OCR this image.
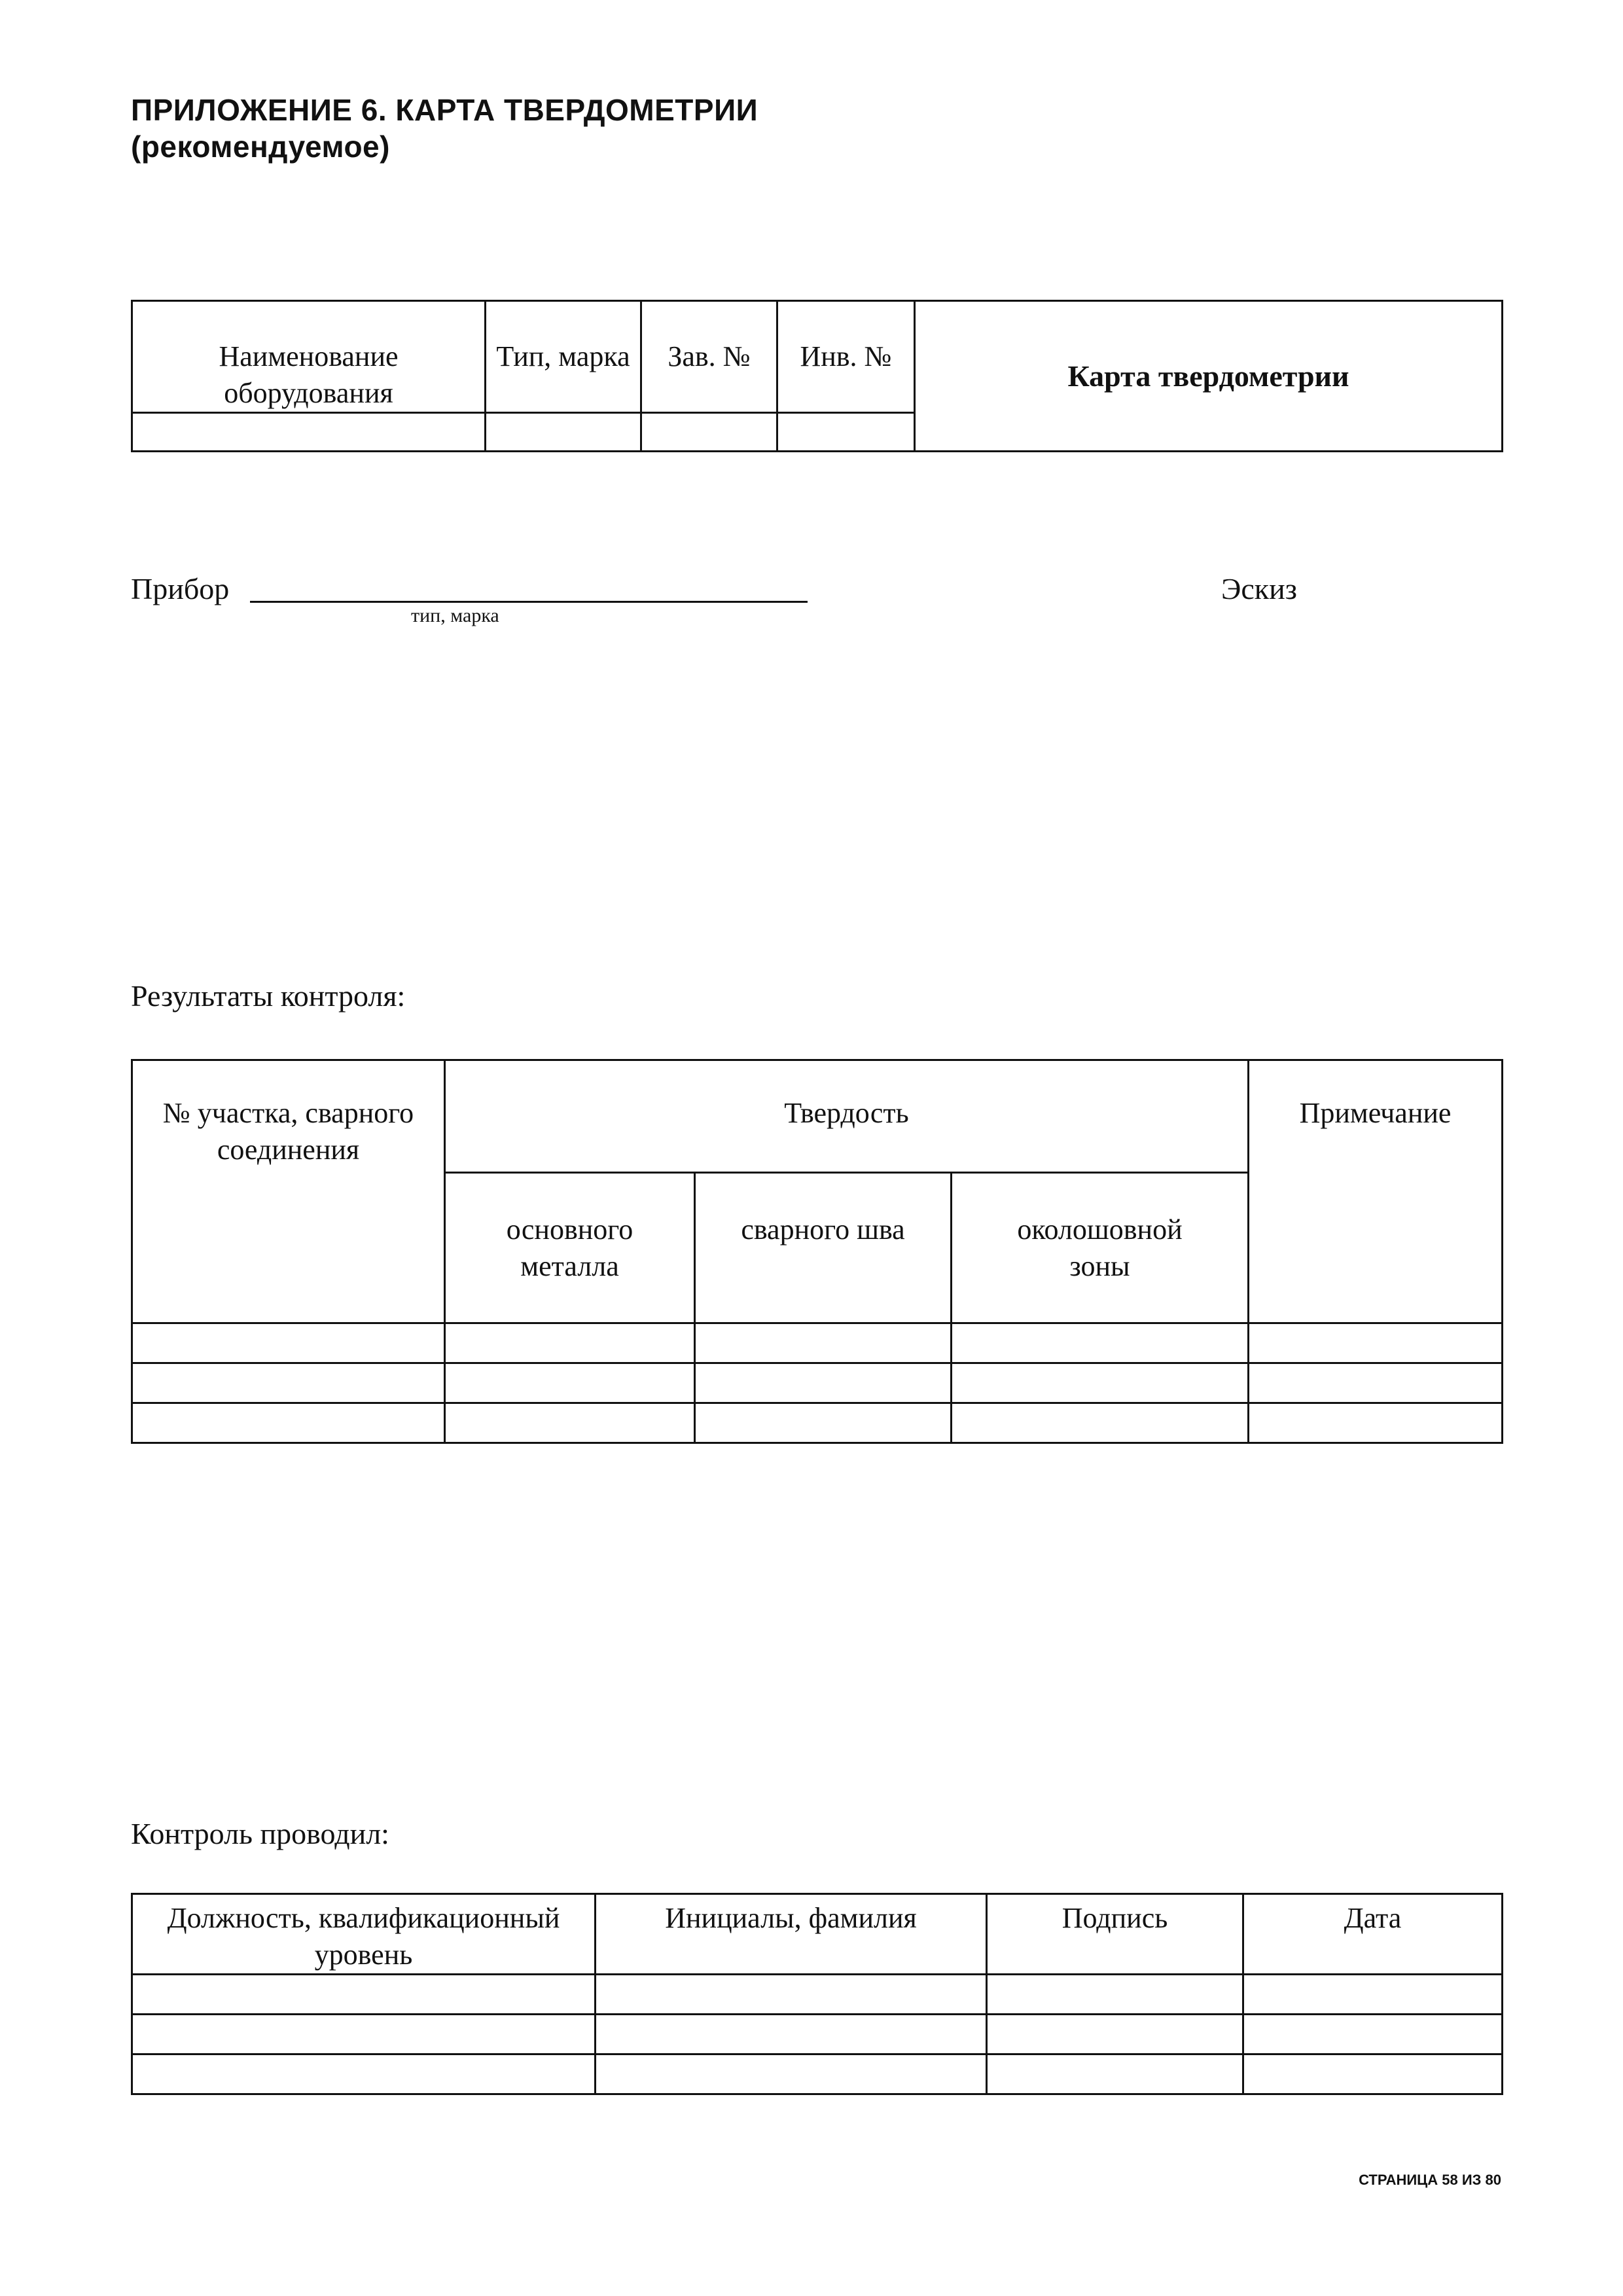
ПРИЛОЖЕНИЕ 6. КАРТА ТВЕРДОМЕТРИИ
(рекомендуемое)
Наименование оборудования	Тип, марка	Зав. №	Инв. №	Карта твердометрии

Прибор
тип, марка
Эскиз
Результаты контроля:
№ участка, сварного соединения	Твердость			Примечание
	основного металла	сварного шва	околошовной зоны	

Контроль проводил:
Должность, квалификационный уровень	Инициалы, фамилия	Подпись	Дата

СТРАНИЦА 58 ИЗ 80
